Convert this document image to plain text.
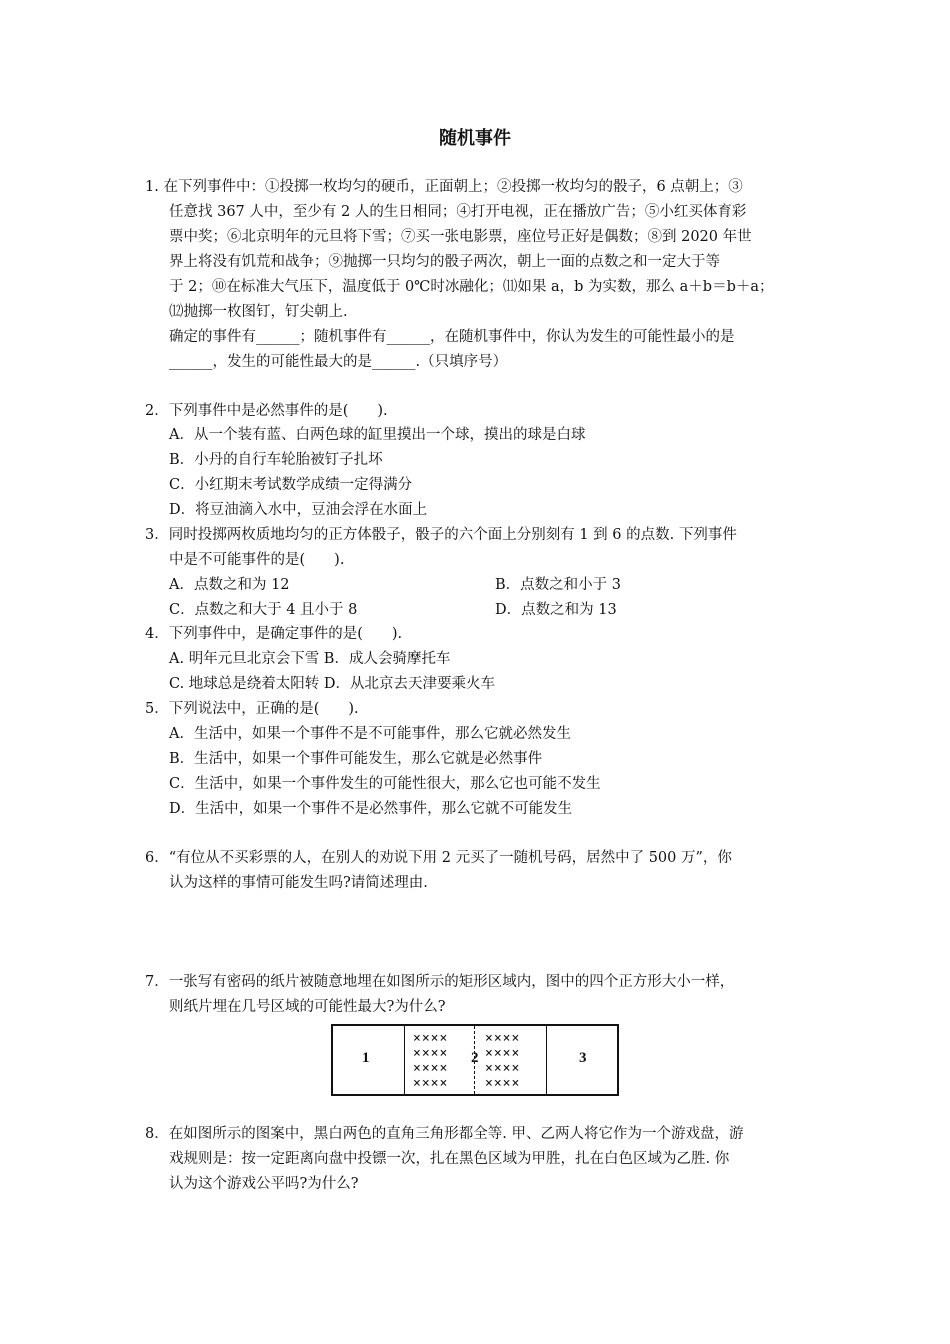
随机事件
1. 在下列事件中：①投掷一枚均匀的硬币，正面朝上；②投掷一枚均匀的骰子，6 点朝上；③
任意找 367 人中，至少有 2 人的生日相同；④打开电视，正在播放广告；⑤小红买体育彩
票中奖；⑥北京明年的元旦将下雪；⑦买一张电影票，座位号正好是偶数；⑧到 2020 年世
界上将没有饥荒和战争；⑨抛掷一只均匀的骰子两次，朝上一面的点数之和一定大于等
于 2；⑩在标准大气压下，温度低于 0℃时冰融化；⑾如果 a，b 为实数，那么 a＋b＝b＋a；
⑿抛掷一枚图钉，钉尖朝上.
确定的事件有______；随机事件有______，在随机事件中，你认为发生的可能性最小的是
______，发生的可能性最大的是______.（只填序号）
2．下列事件中是必然事件的是(　　).
A．从一个装有蓝、白两色球的缸里摸出一个球，摸出的球是白球
B．小丹的自行车轮胎被钉子扎坏
C．小红期末考试数学成绩一定得满分
D．将豆油滴入水中，豆油会浮在水面上
3．同时投掷两枚质地均匀的正方体骰子，骰子的六个面上分别刻有 1 到 6 的点数. 下列事件
中是不可能事件的是(　　).
A．点数之和为 12	B．点数之和小于 3
C．点数之和大于 4 且小于 8	D．点数之和为 13
4．下列事件中，是确定事件的是(　　).
A. 明年元旦北京会下雪 B．成人会骑摩托车
C. 地球总是绕着太阳转 D．从北京去天津要乘火车
5．下列说法中，正确的是(　　).
A．生活中，如果一个事件不是不可能事件，那么它就必然发生
B．生活中，如果一个事件可能发生，那么它就是必然事件
C．生活中，如果一个事件发生的可能性很大，那么它也可能不发生
D．生活中，如果一个事件不是必然事件，那么它就不可能发生
6．“有位从不买彩票的人，在别人的劝说下用 2 元买了一随机号码，居然中了 500 万”，你
认为这样的事情可能发生吗?请简述理由.
7．一张写有密码的纸片被随意地埋在如图所示的矩形区域内，图中的四个正方形大小一样，
则纸片埋在几号区域的可能性最大?为什么?
1	2	3
××××
××××
××××
××××
××××
××××
××××
××××
8．在如图所示的图案中，黑白两色的直角三角形都全等. 甲、乙两人将它作为一个游戏盘，游
戏规则是：按一定距离向盘中投镖一次，扎在黑色区域为甲胜，扎在白色区域为乙胜. 你
认为这个游戏公平吗?为什么?
